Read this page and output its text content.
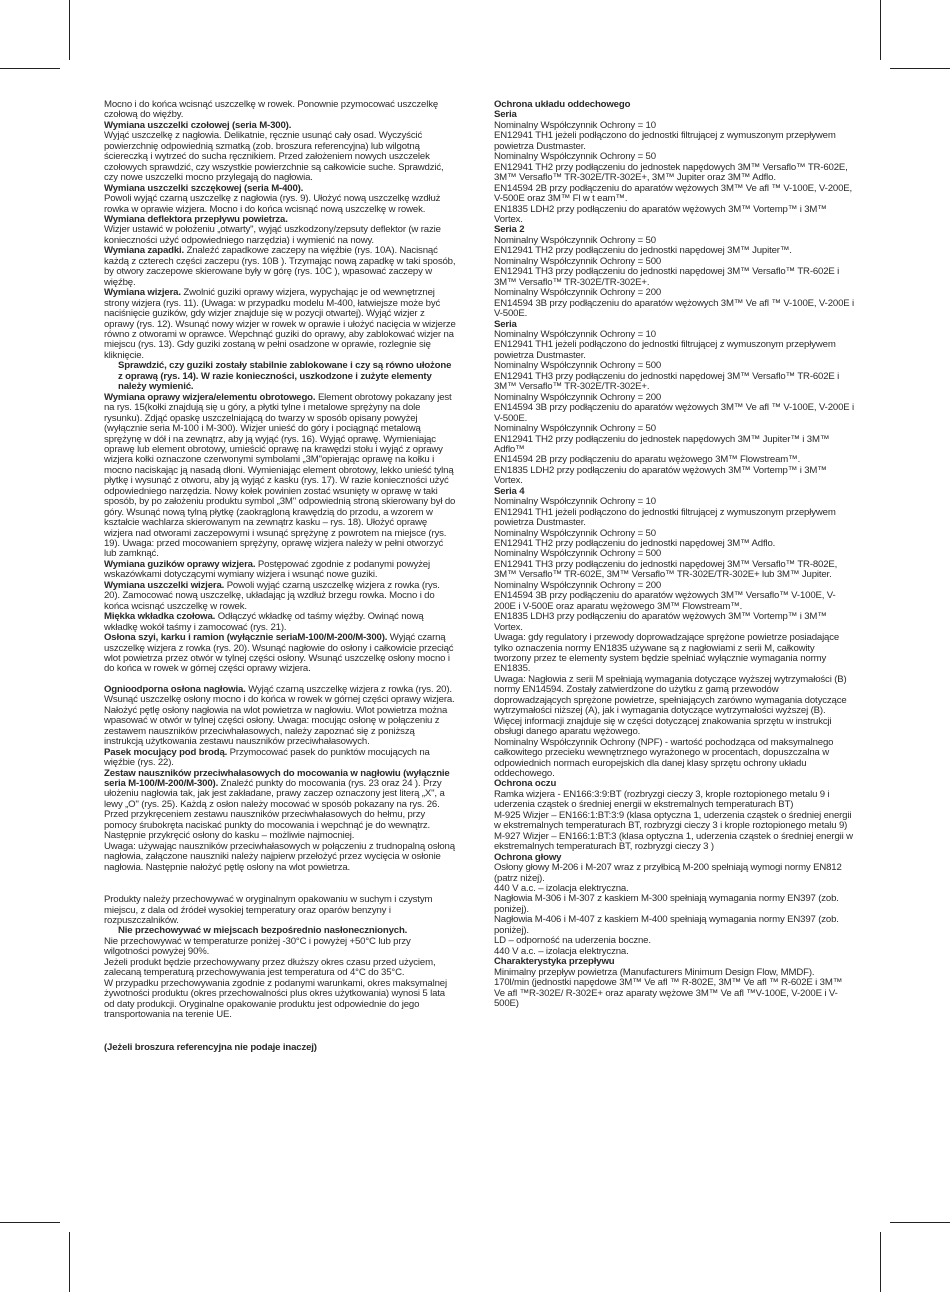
Mocno i do końca wcisnąć uszczelkę w rowek. Ponownie pzymocować uszczelkę czołową do więźby.

Wymiana uszczelki czołowej (seria M-300).

Wyjąć uszczelkę z nagłowia. Delikatnie, ręcznie usunąć cały osad. Wyczyścić powierzchnię odpowiednią szmatką (zob. broszura referencyjna) lub wilgotną ściereczką i wytrzeć do sucha ręcznikiem. Przed założeniem nowych uszczelek czołowych sprawdzić, czy wszystkie powierzchnie są całkowicie suche. Sprawdzić, czy nowe uszczelki mocno przylegają do nagłowia.

Wymiana uszczelki szczękowej (seria M-400).

Powoli wyjąć czarną uszczelkę z nagłowia (rys. 9). Ułożyć nową uszczelkę wzdłuż rowka w oprawie wizjera. Mocno i do końca wcisnąć nową uszczelkę w rowek.

Wymiana deflektora przepływu powietrza.

Wizjer ustawić w położeniu „otwarty", wyjąć uszkodzony/zepsuty deflektor (w razie konieczności użyć odpowiedniego narzędzia) i wymienić na nowy.

Wymiana zapadki. Znaleźć zapadkowe zaczepy na więźbie (rys. 10A). Nacisnąć każdą z czterech części zaczepu (rys. 10B ). Trzymając nową zapadkę w taki sposób, by otwory zaczepowe skierowane były w górę (rys. 10C ), wpasować zaczepy w więźbę.

Wymiana wizjera. Zwolnić guziki oprawy wizjera, wypychając je od wewnętrznej strony wizjera (rys. 11). (Uwaga: w przypadku modelu M-400, łatwiejsze może być naciśnięcie guzików, gdy wizjer znajduje się w pozycji otwartej). Wyjąć wizjer z oprawy (rys. 12). Wsunąć nowy wizjer w rowek w oprawie i ułożyć nacięcia w wizjerze równo z otworami w oprawce. Wepchnąć guziki do oprawy, aby zablokować wizjer na miejscu (rys. 13). Gdy guziki zostaną w pełni osadzone w oprawie, rozlegnie się kliknięcie.

Sprawdzić, czy guziki zostały stabilnie zablokowane i czy są równo ułożone z oprawą (rys. 14). W razie konieczności, uszkodzone i zużyte elementy należy wymienić.

Wymiana oprawy wizjera/elementu obrotowego. Element obrotowy pokazany jest na rys. 15(kołki znajdują się u góry, a płytki tylne i metalowe sprężyny na dole rysunku). Zdjąć opaskę uszczelniającą do twarzy w sposób opisany powyżej (wyłącznie seria M-100 i M-300). Wizjer unieść do góry i pociągnąć metalową sprężynę w dół i na zewnątrz, aby ją wyjąć (rys. 16). Wyjąć oprawę. Wymieniając oprawę lub element obrotowy, umieścić oprawę na krawędzi stołu i wyjąć z oprawy wizjera kołki oznaczone czerwonymi symbolami „3M"opierając oprawę na kołku i mocno naciskając ją nasadą dłoni. Wymieniając element obrotowy, lekko unieść tylną płytkę i wysunąć z otworu, aby ją wyjąć z kasku (rys. 17). W razie konieczności użyć odpowiedniego narzędzia. Nowy kołek powinien zostać wsunięty w oprawę w taki sposób, by po założeniu produktu symbol „3M" odpowiednią stroną skierowany był do góry. Wsunąć nową tylną płytkę (zaokrągloną krawędzią do przodu, a wzorem w kształcie wachlarza skierowanym na zewnątrz kasku – rys. 18). Ułożyć oprawę wizjera nad otworami zaczepowymi i wsunąć sprężynę z powrotem na miejsce (rys. 19). Uwaga: przed mocowaniem sprężyny, oprawę wizjera należy w pełni otworzyć lub zamknąć.

Wymiana guzików oprawy wizjera. Postępować zgodnie z podanymi powyżej wskazówkami dotyczącymi wymiany wizjera i wsunąć nowe guziki.

Wymiana uszczelki wizjera. Powoli wyjąć czarną uszczelkę wizjera z rowka (rys. 20). Zamocować nową uszczelkę, układając ją wzdłuż brzegu rowka. Mocno i do końca wcisnąć uszczelkę w rowek.

Miękka wkładka czołowa. Odłączyć wkładkę od taśmy więźby. Owinąć nową wkładkę wokół taśmy i zamocować (rys. 21).

Osłona szyi, karku i ramion (wyłącznie seriaM-100/M-200/M-300). Wyjąć czarną uszczelkę wizjera z rowka (rys. 20). Wsunąć nagłowie do osłony i całkowicie przeciąć wlot powietrza przez otwór w tylnej części osłony. Wsunąć uszczelkę osłony mocno i do końca w rowek w górnej części oprawy wizjera.

Ognioodporna osłona nagłowia. Wyjąć czarną uszczelkę wizjera z rowka (rys. 20). Wsunąć uszczelkę osłony mocno i do końca w rowek w górnej części oprawy wizjera. Nałożyć pętlę osłony nagłowia na wlot powietrza w nagłowiu. Wlot powietrza można wpasować w otwór w tylnej części osłony. Uwaga: mocując osłonę w połączeniu z zestawem nauszników przeciwhałasowych, należy zapoznać się z poniższą instrukcją użytkowania zestawu nauszników przeciwhałasowych.

Pasek mocujący pod brodą. Przymocować pasek do punktów mocujących na więźbie (rys. 22).

Zestaw nauszników przeciwhałasowych do mocowania w nagłowiu (wyłącznie seria M-100/M-200/M-300). Znaleźć punkty do mocowania (rys. 23 oraz 24 ). Przy ułożeniu nagłowia tak, jak jest zakładane, prawy zaczep oznaczony jest literą „X", a lewy „O" (rys. 25). Każdą z osłon należy mocować w sposób pokazany na rys. 26. Przed przykręceniem zestawu nauszników przeciwhałasowych do hełmu, przy pomocy śrubokręta naciskać punkty do mocowania i wepchnąć je do wewnątrz. Następnie przykręcić osłony do kasku – możliwie najmocniej.

Uwaga: używając nauszników przeciwhałasowych w połączeniu z trudnopalną osłoną nagłowia, załączone nauszniki należy najpierw przełożyć przez wycięcia w osłonie nagłowia. Następnie nałożyć pętlę osłony na wlot powietrza.

Produkty należy przechowywać w oryginalnym opakowaniu w suchym i czystym miejscu, z dala od źródeł wysokiej temperatury oraz oparów benzyny i rozpuszczalników.

Nie przechowywać w miejscach bezpośrednio nasłonecznionych.

Nie przechowywać w temperaturze poniżej -30°C i powyżej +50°C lub przy wilgotności powyżej 90%.

Jeżeli produkt będzie przechowywany przez dłuższy okres czasu przed użyciem, zalecaną temperaturą przechowywania jest temperatura od 4°C do 35°C.

W przypadku przechowywania zgodnie z podanymi warunkami, okres maksymalnej żywotności produktu (okres przechowalności plus okres użytkowania) wynosi 5 lata od daty produkcji. Oryginalne opakowanie produktu jest odpowiednie do jego transportowania na terenie UE.

(Jeżeli broszura referencyjna nie podaje inaczej)

Ochrona układu oddechowego

Seria

Nominalny Współczynnik Ochrony = 10

EN12941 TH1 jeżeli podłączono do jednostki filtrującej z wymuszonym przepływem powietrza Dustmaster.

Nominalny Współczynnik Ochrony = 50

EN12941 TH2 przy podłączeniu do jednostek napędowych 3M™ Versaflo™ TR-602E, 3M™ Versaflo™ TR-302E/TR-302E+, 3M™ Jupiter oraz 3M™ Adflo.

EN14594 2B przy podłączeniu do aparatów wężowych 3M™ Ve afl ™ V-100E, V-200E, V-500E oraz 3M™ Fl w t eam™.

EN1835 LDH2 przy podłączeniu do aparatów wężowych 3M™ Vortemp™ i 3M™ Vortex.

Seria 2

Nominalny Współczynnik Ochrony = 50

EN12941 TH2 przy podłączeniu do jednostki napędowej 3M™ Jupiter™.

Nominalny Współczynnik Ochrony = 500

EN12941 TH3 przy podłączeniu do jednostki napędowej 3M™ Versaflo™ TR-602E i 3M™ Versaflo™ TR-302E/TR-302E+.

Nominalny Współczynnik Ochrony = 200

EN14594 3B przy podłączeniu do aparatów wężowych 3M™ Ve afl ™ V-100E, V-200E i V-500E.

Seria

Nominalny Współczynnik Ochrony = 10

EN12941 TH1 jeżeli podłączono do jednostki filtrującej z wymuszonym przepływem powietrza Dustmaster.

Nominalny Współczynnik Ochrony = 500

EN12941 TH3 przy podłączeniu do jednostki napędowej 3M™ Versaflo™ TR-602E i 3M™ Versaflo™ TR-302E/TR-302E+.

Nominalny Współczynnik Ochrony = 200

EN14594 3B przy podłączeniu do aparatów wężowych 3M™ Ve afl ™ V-100E, V-200E i V-500E.

Nominalny Współczynnik Ochrony = 50

EN12941 TH2 przy podłączeniu do jednostek napędowych 3M™ Jupiter™ i 3M™ Adflo™

EN14594 2B przy podłączeniu do aparatu wężowego 3M™ Flowstream™.

EN1835 LDH2 przy podłączeniu do aparatów wężowych 3M™ Vortemp™ i 3M™ Vortex.

Seria 4

Nominalny Współczynnik Ochrony = 10

EN12941 TH1 jeżeli podłączono do jednostki filtrującej z wymuszonym przepływem powietrza Dustmaster.

Nominalny Współczynnik Ochrony = 50

EN12941 TH2 przy podłączeniu do jednostki napędowej 3M™ Adflo.

Nominalny Współczynnik Ochrony = 500

EN12941 TH3 przy podłączeniu do jednostki napędowej 3M™ Versaflo™ TR-802E, 3M™ Versaflo™ TR-602E, 3M™ Versaflo™ TR-302E/TR-302E+ lub 3M™ Jupiter.

Nominalny Współczynnik Ochrony = 200

EN14594 3B przy podłączeniu do aparatów wężowych 3M™ Versaflo™ V-100E, V-200E i V-500E oraz aparatu wężowego 3M™ Flowstream™.

EN1835 LDH3 przy podłączeniu do aparatów wężowych 3M™ Vortemp™ i 3M™ Vortex.

Uwaga: gdy regulatory i przewody doprowadzające sprężone powietrze posiadające tylko oznaczenia normy EN1835 używane są z nagłowiami z serii M, całkowity tworzony przez te elementy system będzie spełniać wyłącznie wymagania normy EN1835.

Uwaga: Nagłowia z serii M spełniają wymagania dotyczące wyższej wytrzymałości (B) normy EN14594. Zostały zatwierdzone do użytku z gamą przewodów doprowadzających sprężone powietrze, spełniających zarówno wymagania dotyczące wytrzymałości niższej (A), jak i wymagania dotyczące wytrzymałości wyższej (B). Więcej informacji znajduje się w części dotyczącej znakowania sprzętu w instrukcji obsługi danego aparatu wężowego.

Nominalny Współczynnik Ochrony (NPF) - wartość pochodząca od maksymalnego całkowitego przecieku wewnętrznego wyrażonego w procentach, dopuszczalna w odpowiednich normach europejskich dla danej klasy sprzętu ochrony układu oddechowego.

Ochrona oczu

Ramka wizjera - EN166:3:9:BT (rozbryzgi cieczy 3, krople roztopionego metalu 9 i uderzenia cząstek o średniej energii w ekstremalnych temperaturach BT)

M-925 Wizjer – EN166:1:BT:3:9 (klasa optyczna 1, uderzenia cząstek o średniej energii w ekstremalnych temperaturach BT, rozbryzgi cieczy 3 i krople roztopionego metalu 9)

M-927 Wizjer – EN166:1:BT:3 (klasa optyczna 1, uderzenia cząstek o średniej energii w ekstremalnych temperaturach BT, rozbryzgi cieczy 3 )

Ochrona głowy

Osłony głowy M-206 i M-207 wraz z przyłbicą M-200 spełniają wymogi normy EN812 (patrz niżej).

440 V a.c. – izolacja elektryczna.

Nagłowia M-306 i M-307 z kaskiem M-300 spełniają wymagania normy EN397 (zob. poniżej).

Nagłowia M-406 i M-407 z kaskiem M-400 spełniają wymagania normy EN397 (zob. poniżej).

LD – odporność na uderzenia boczne.

440 V a.c. – izolacja elektryczna.

Charakterystyka przepływu

Minimalny przepływ powietrza (Manufacturers Minimum Design Flow, MMDF).

170l/min (jednostki napędowe 3M™ Ve afl ™ R-802E, 3M™ Ve afl ™ R-602E i 3M™ Ve afl ™R-302E/ R-302E+ oraz aparaty wężowe 3M™ Ve afl ™V-100E, V-200E i V-500E)
